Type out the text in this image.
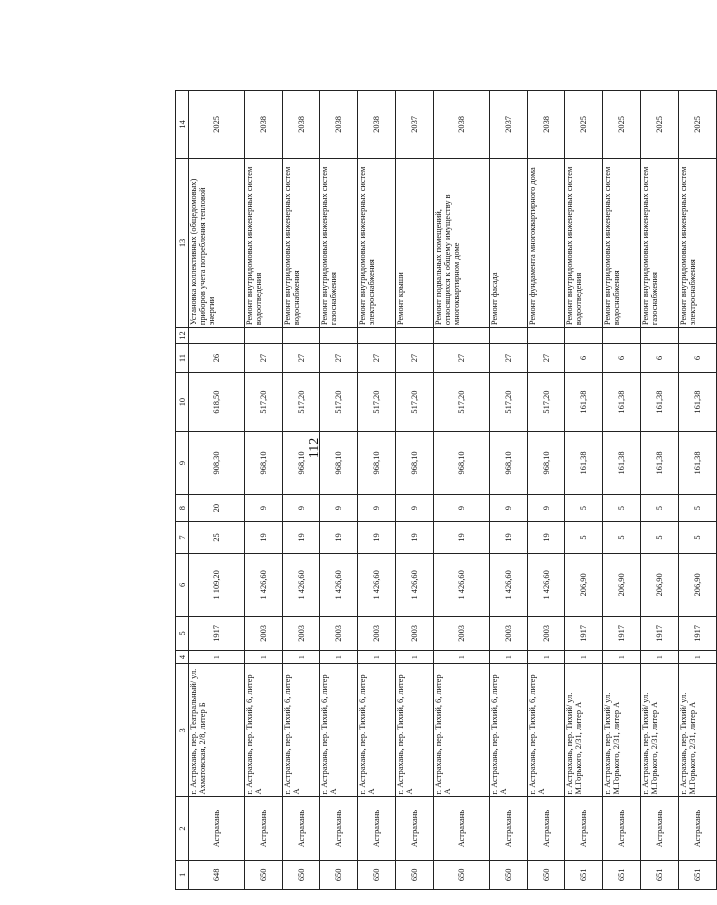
112
1	2	3	4	5	6	7	8	9	10	11	12	13	14
648	Астрахань	г. Астрахань, пер. Театральный/ ул. Ахматовская, 2/8, литер Б	1	1917	1 109,20	25	20	908,30	618,50	26		Установка коллективных (общедомовых) приборов учета потребления тепловой энергии	2025
650	Астрахань	г. Астрахань, пер. Тихий, 6, литер А	1	2003	1 426,60	19	9	968,10	517,20	27		Ремонт внутридомовых инженерных систем водоотведения	2038
650	Астрахань	г. Астрахань, пер. Тихий, 6, литер А	1	2003	1 426,60	19	9	968,10	517,20	27		Ремонт внутридомовых инженерных систем водоснабжения	2038
650	Астрахань	г. Астрахань, пер. Тихий, 6, литер А	1	2003	1 426,60	19	9	968,10	517,20	27		Ремонт внутридомовых инженерных систем газоснабжения	2038
650	Астрахань	г. Астрахань, пер. Тихий, 6, литер А	1	2003	1 426,60	19	9	968,10	517,20	27		Ремонт внутридомовых инженерных систем электроснабжения	2038
650	Астрахань	г. Астрахань, пер. Тихий, 6, литер А	1	2003	1 426,60	19	9	968,10	517,20	27		Ремонт крыши	2037
650	Астрахань	г. Астрахань, пер. Тихий, 6, литер А	1	2003	1 426,60	19	9	968,10	517,20	27		Ремонт подвальных помещений, относящихся к общему имуществу в многоквартирном доме	2038
650	Астрахань	г. Астрахань, пер. Тихий, 6, литер А	1	2003	1 426,60	19	9	968,10	517,20	27		Ремонт фасада	2037
650	Астрахань	г. Астрахань, пер. Тихий, 6, литер А	1	2003	1 426,60	19	9	968,10	517,20	27		Ремонт фундамента многоквартирного дома	2038
651	Астрахань	г. Астрахань, пер. Тихий/ ул. М.Горького, 2/31, литер А	1	1917	206,90	5	5	161,38	161,38	6		Ремонт внутридомовых инженерных систем водоотведения	2025
651	Астрахань	г. Астрахань, пер. Тихий/ ул. М.Горького, 2/31, литер А	1	1917	206,90	5	5	161,38	161,38	6		Ремонт внутридомовых инженерных систем водоснабжения	2025
651	Астрахань	г. Астрахань, пер. Тихий/ ул. М.Горького, 2/31, литер А	1	1917	206,90	5	5	161,38	161,38	6		Ремонт внутридомовых инженерных систем газоснабжения	2025
651	Астрахань	г. Астрахань, пер. Тихий/ ул. М.Горького, 2/31, литер А	1	1917	206,90	5	5	161,38	161,38	6		Ремонт внутридомовых инженерных систем электроснабжения	2025
